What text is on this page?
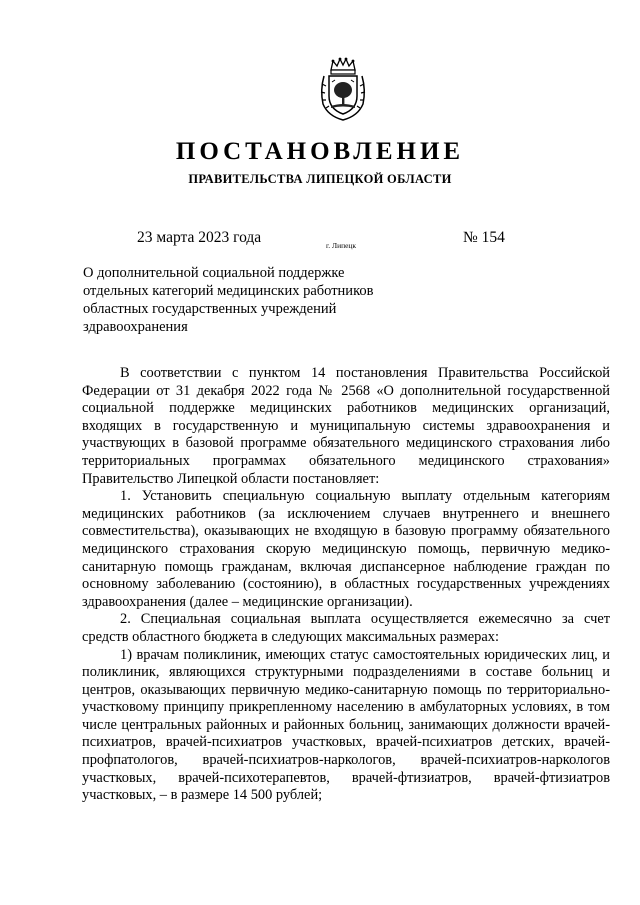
ПОСТАНОВЛЕНИЕ
ПРАВИТЕЛЬСТВА ЛИПЕЦКОЙ ОБЛАСТИ
23 марта 2023 года	г. Липецк	№ 154
О дополнительной социальной поддержке отдельных категорий медицинских работников областных государственных учреждений здравоохранения

В соответствии с пунктом 14 постановления Правительства Российской Федерации от 31 декабря 2022 года № 2568 «О дополнительной государственной социальной поддержке медицинских работников медицинских организаций, входящих в государственную и муниципальную системы здравоохранения и участвующих в базовой программе обязательного медицинского страхования либо территориальных программах обязательного медицинского страхования» Правительство Липецкой области постановляет:

1. Установить специальную социальную выплату отдельным категориям медицинских работников (за исключением случаев внутреннего и внешнего совместительства), оказывающих не входящую в базовую программу обязательного медицинского страхования скорую медицинскую помощь, первичную медико-санитарную помощь гражданам, включая диспансерное наблюдение граждан по основному заболеванию (состоянию), в областных государственных учреждениях здравоохранения (далее – медицинские организации).

2. Специальная социальная выплата осуществляется ежемесячно за счет средств областного бюджета в следующих максимальных размерах:

1) врачам поликлиник, имеющих статус самостоятельных юридических лиц, и поликлиник, являющихся структурными подразделениями в составе больниц и центров, оказывающих первичную медико-санитарную помощь по территориально-участковому принципу прикрепленному населению в амбулаторных условиях, в том числе центральных районных и районных больниц, занимающих должности врачей-психиатров, врачей-психиатров участковых, врачей-психиатров детских, врачей-профпатологов, врачей-психиатров-наркологов, врачей-психиатров-наркологов участковых, врачей-психотерапевтов, врачей-фтизиатров, врачей-фтизиатров участковых, – в размере 14 500 рублей;
